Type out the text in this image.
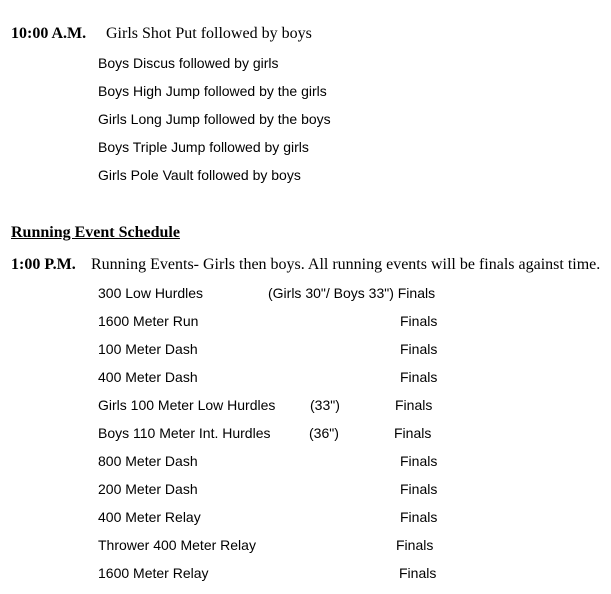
10:00 A.M. Girls Shot Put followed by boys
Boys Discus followed by girls
Boys High Jump followed by the girls
Girls Long Jump followed by the boys
Boys Triple Jump followed by girls
Girls Pole Vault followed by boys
Running Event Schedule
1:00 P.M. Running Events- Girls then boys. All running events will be finals against time.
300 Low Hurdles	(Girls 30"/ Boys 33") Finals
1600 Meter Run	Finals
100 Meter Dash	Finals
400 Meter Dash	Finals
Girls 100 Meter Low Hurdles (33")	Finals
Boys 110 Meter Int. Hurdles	(36")	Finals
800 Meter Dash	Finals
200 Meter Dash	Finals
400 Meter Relay	Finals
Thrower 400 Meter Relay	Finals
1600 Meter Relay	Finals
